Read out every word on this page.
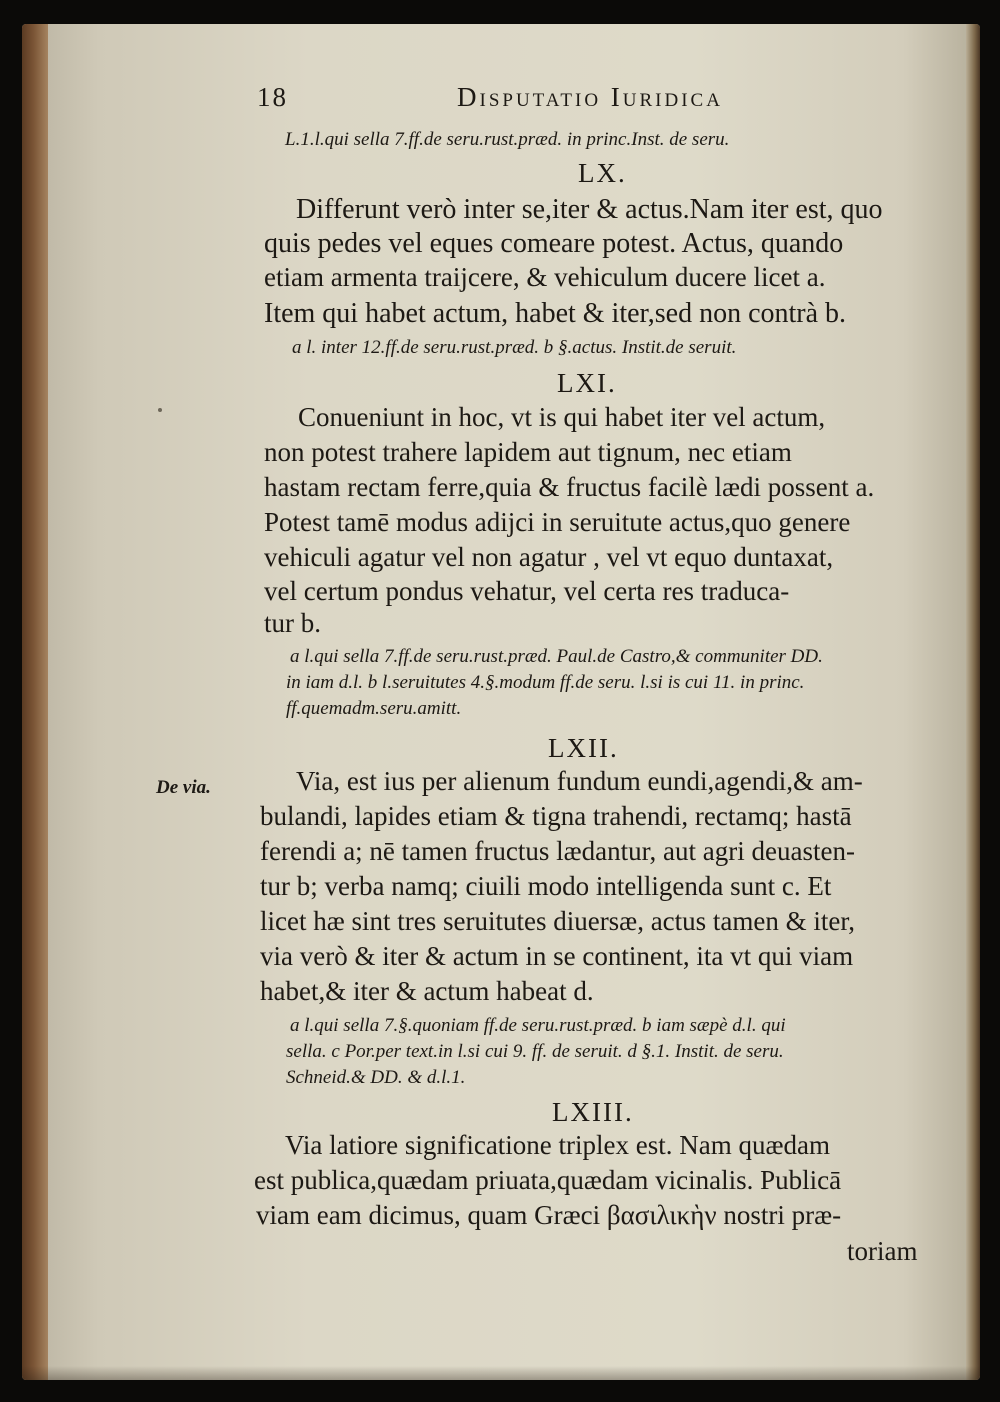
18	Disputatio Iuridica
L.1.l.qui sella 7.ff.de seru.rust.præd. in princ.Inst. de seru.
LX.
Differunt verò inter se,iter & actus.Nam iter est, quo
quis pedes vel eques comeare potest. Actus, quando
etiam armenta traijcere, & vehiculum ducere licet a.
Item qui habet actum, habet & iter,sed non contrà b.
a l. inter 12.ff.de seru.rust.præd. b §.actus. Instit.de seruit.
LXI.
Conueniunt in hoc, vt is qui habet iter vel actum,
non potest trahere lapidem aut tignum, nec etiam
hastam rectam ferre,quia & fructus facilè lædi possent a.
Potest tamē modus adijci in seruitute actus,quo genere
vehiculi agatur vel non agatur , vel vt equo duntaxat,
vel certum pondus vehatur, vel certa res traduca-
tur b.
a l.qui sella 7.ff.de seru.rust.præd. Paul.de Castro,& communiter DD.
in iam d.l. b l.seruitutes 4.§.modum ff.de seru. l.si is cui 11. in princ.
ff.quemadm.seru.amitt.
LXII.
De via.	Via, est ius per alienum fundum eundi,agendi,& am-
bulandi, lapides etiam & tigna trahendi, rectamq; hastā
ferendi a; nē tamen fructus lædantur, aut agri deuasten-
tur b; verba namq; ciuili modo intelligenda sunt c. Et
licet hæ sint tres seruitutes diuersæ, actus tamen & iter,
via verò & iter & actum in se continent, ita vt qui viam
habet,& iter & actum habeat d.
a l.qui sella 7.§.quoniam ff.de seru.rust.præd. b iam sæpè d.l. qui
sella. c Por.per text.in l.si cui 9. ff. de seruit. d §.1. Instit. de seru.
Schneid.& DD. & d.l.1.
LXIII.
Via latiore significatione triplex est. Nam quædam
est publica,quædam priuata,quædam vicinalis. Publicā
viam eam dicimus, quam Græci βασιλικὴν nostri præ-
toriam
